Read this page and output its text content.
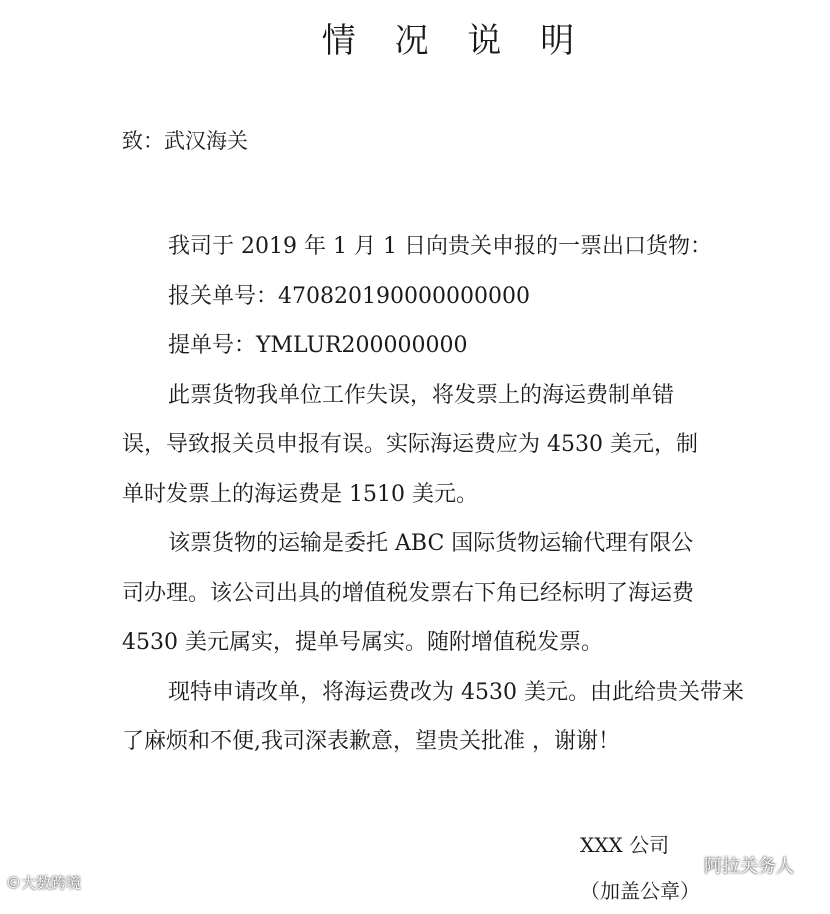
情 况 说 明
致：武汉海关

我司于 2019 年 1 月 1 日向贵关申报的一票出口货物：

报关单号：470820190000000000

提单号：YMLUR200000000

此票货物我单位工作失误，将发票上的海运费制单错

误，导致报关员申报有误。实际海运费应为 4530 美元，制

单时发票上的海运费是 1510 美元。

该票货物的运输是委托 ABC 国际货物运输代理有限公

司办理。该公司出具的增值税发票右下角已经标明了海运费

4530 美元属实，提单号属实。随附增值税发票。

现特申请改单，将海运费改为 4530 美元。由此给贵关带来

了麻烦和不便,我司深表歉意，望贵关批准 ，谢谢！

XXX 公司

（加盖公章）

©大数跨境
阿拉关务人
